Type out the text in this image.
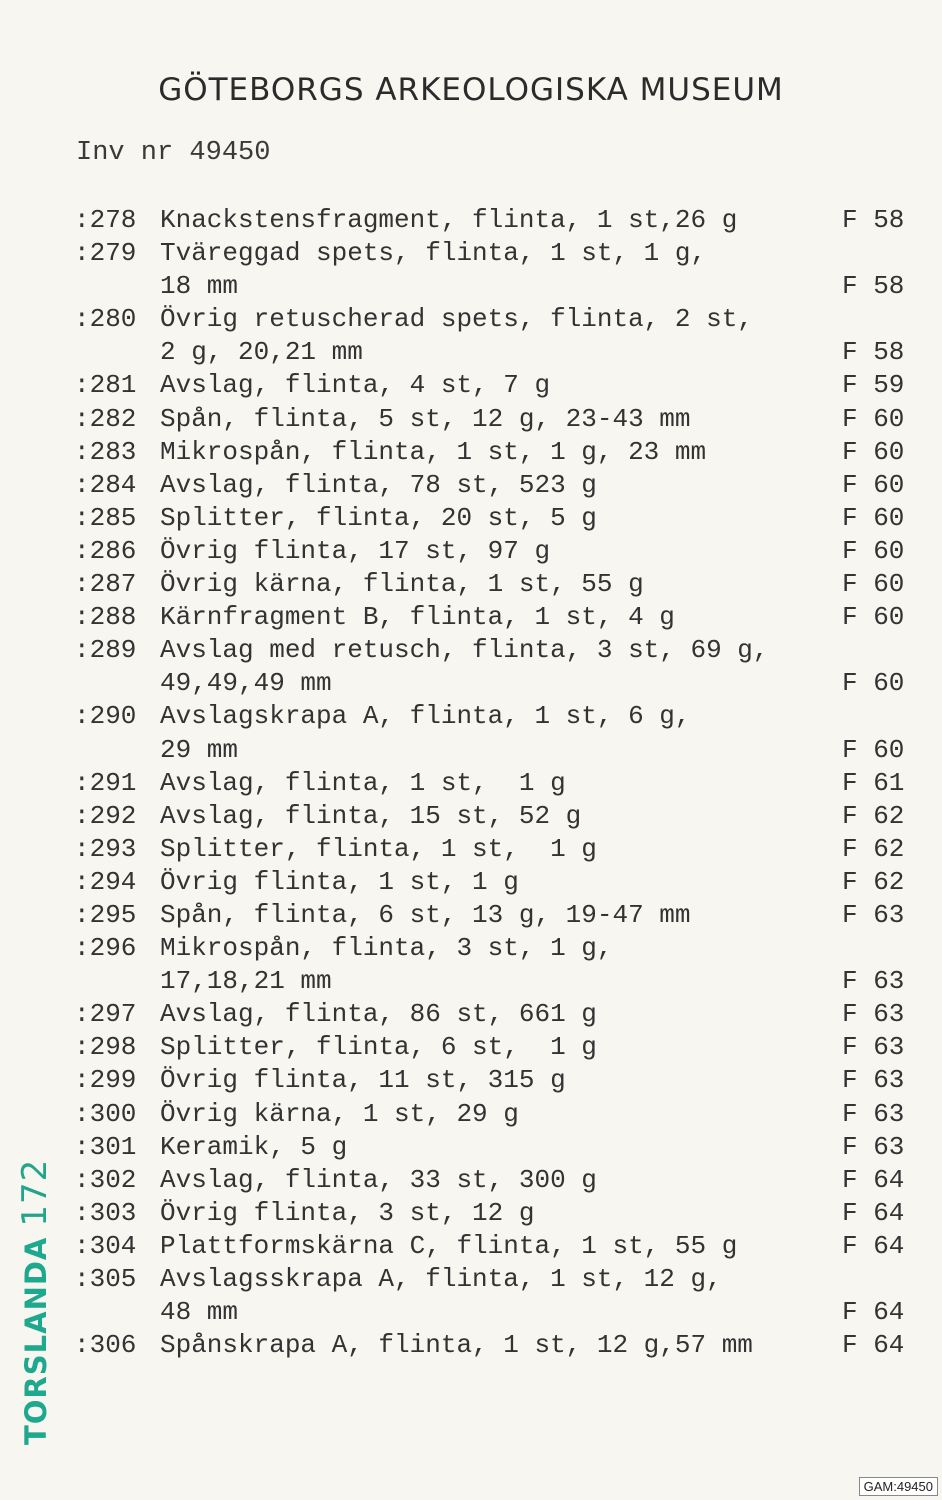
GÖTEBORGS ARKEOLOGISKA MUSEUM
Inv nr 49450
:278 Knackstensfragment, flinta, 1 st,26 g	F 58
:279 Tväreggad spets, flinta, 1 st, 1 g,
18 mm	F 58
:280 Övrig retuscherad spets, flinta, 2 st,
2 g, 20,21 mm	F 58
:281 Avslag, flinta, 4 st, 7 g	F 59
:282 Spån, flinta, 5 st, 12 g, 23-43 mm	F 60
:283 Mikrospån, flinta, 1 st, 1 g, 23 mm	F 60
:284 Avslag, flinta, 78 st, 523 g	F 60
:285 Splitter, flinta, 20 st, 5 g	F 60
:286 Övrig flinta, 17 st, 97 g	F 60
:287 Övrig kärna, flinta, 1 st, 55 g	F 60
:288 Kärnfragment B, flinta, 1 st, 4 g	F 60
:289 Avslag med retusch, flinta, 3 st, 69 g,
49,49,49 mm	F 60
:290 Avslagskrapa A, flinta, 1 st, 6 g,
29 mm	F 60
:291 Avslag, flinta, 1 st,  1 g	F 61
:292 Avslag, flinta, 15 st, 52 g	F 62
:293 Splitter, flinta, 1 st,  1 g	F 62
:294 Övrig flinta, 1 st, 1 g	F 62
:295 Spån, flinta, 6 st, 13 g, 19-47 mm	F 63
:296 Mikrospån, flinta, 3 st, 1 g,
17,18,21 mm	F 63
:297 Avslag, flinta, 86 st, 661 g	F 63
:298 Splitter, flinta, 6 st,  1 g	F 63
:299 Övrig flinta, 11 st, 315 g	F 63
:300 Övrig kärna, 1 st, 29 g	F 63
:301 Keramik, 5 g	F 63
:302 Avslag, flinta, 33 st, 300 g	F 64
:303 Övrig flinta, 3 st, 12 g	F 64
:304 Plattformskärna C, flinta, 1 st, 55 g	F 64
:305 Avslagsskrapa A, flinta, 1 st, 12 g,
48 mm	F 64
:306 Spånskrapa A, flinta, 1 st, 12 g,57 mm	F 64
TORSLANDA172
GAM:49450
